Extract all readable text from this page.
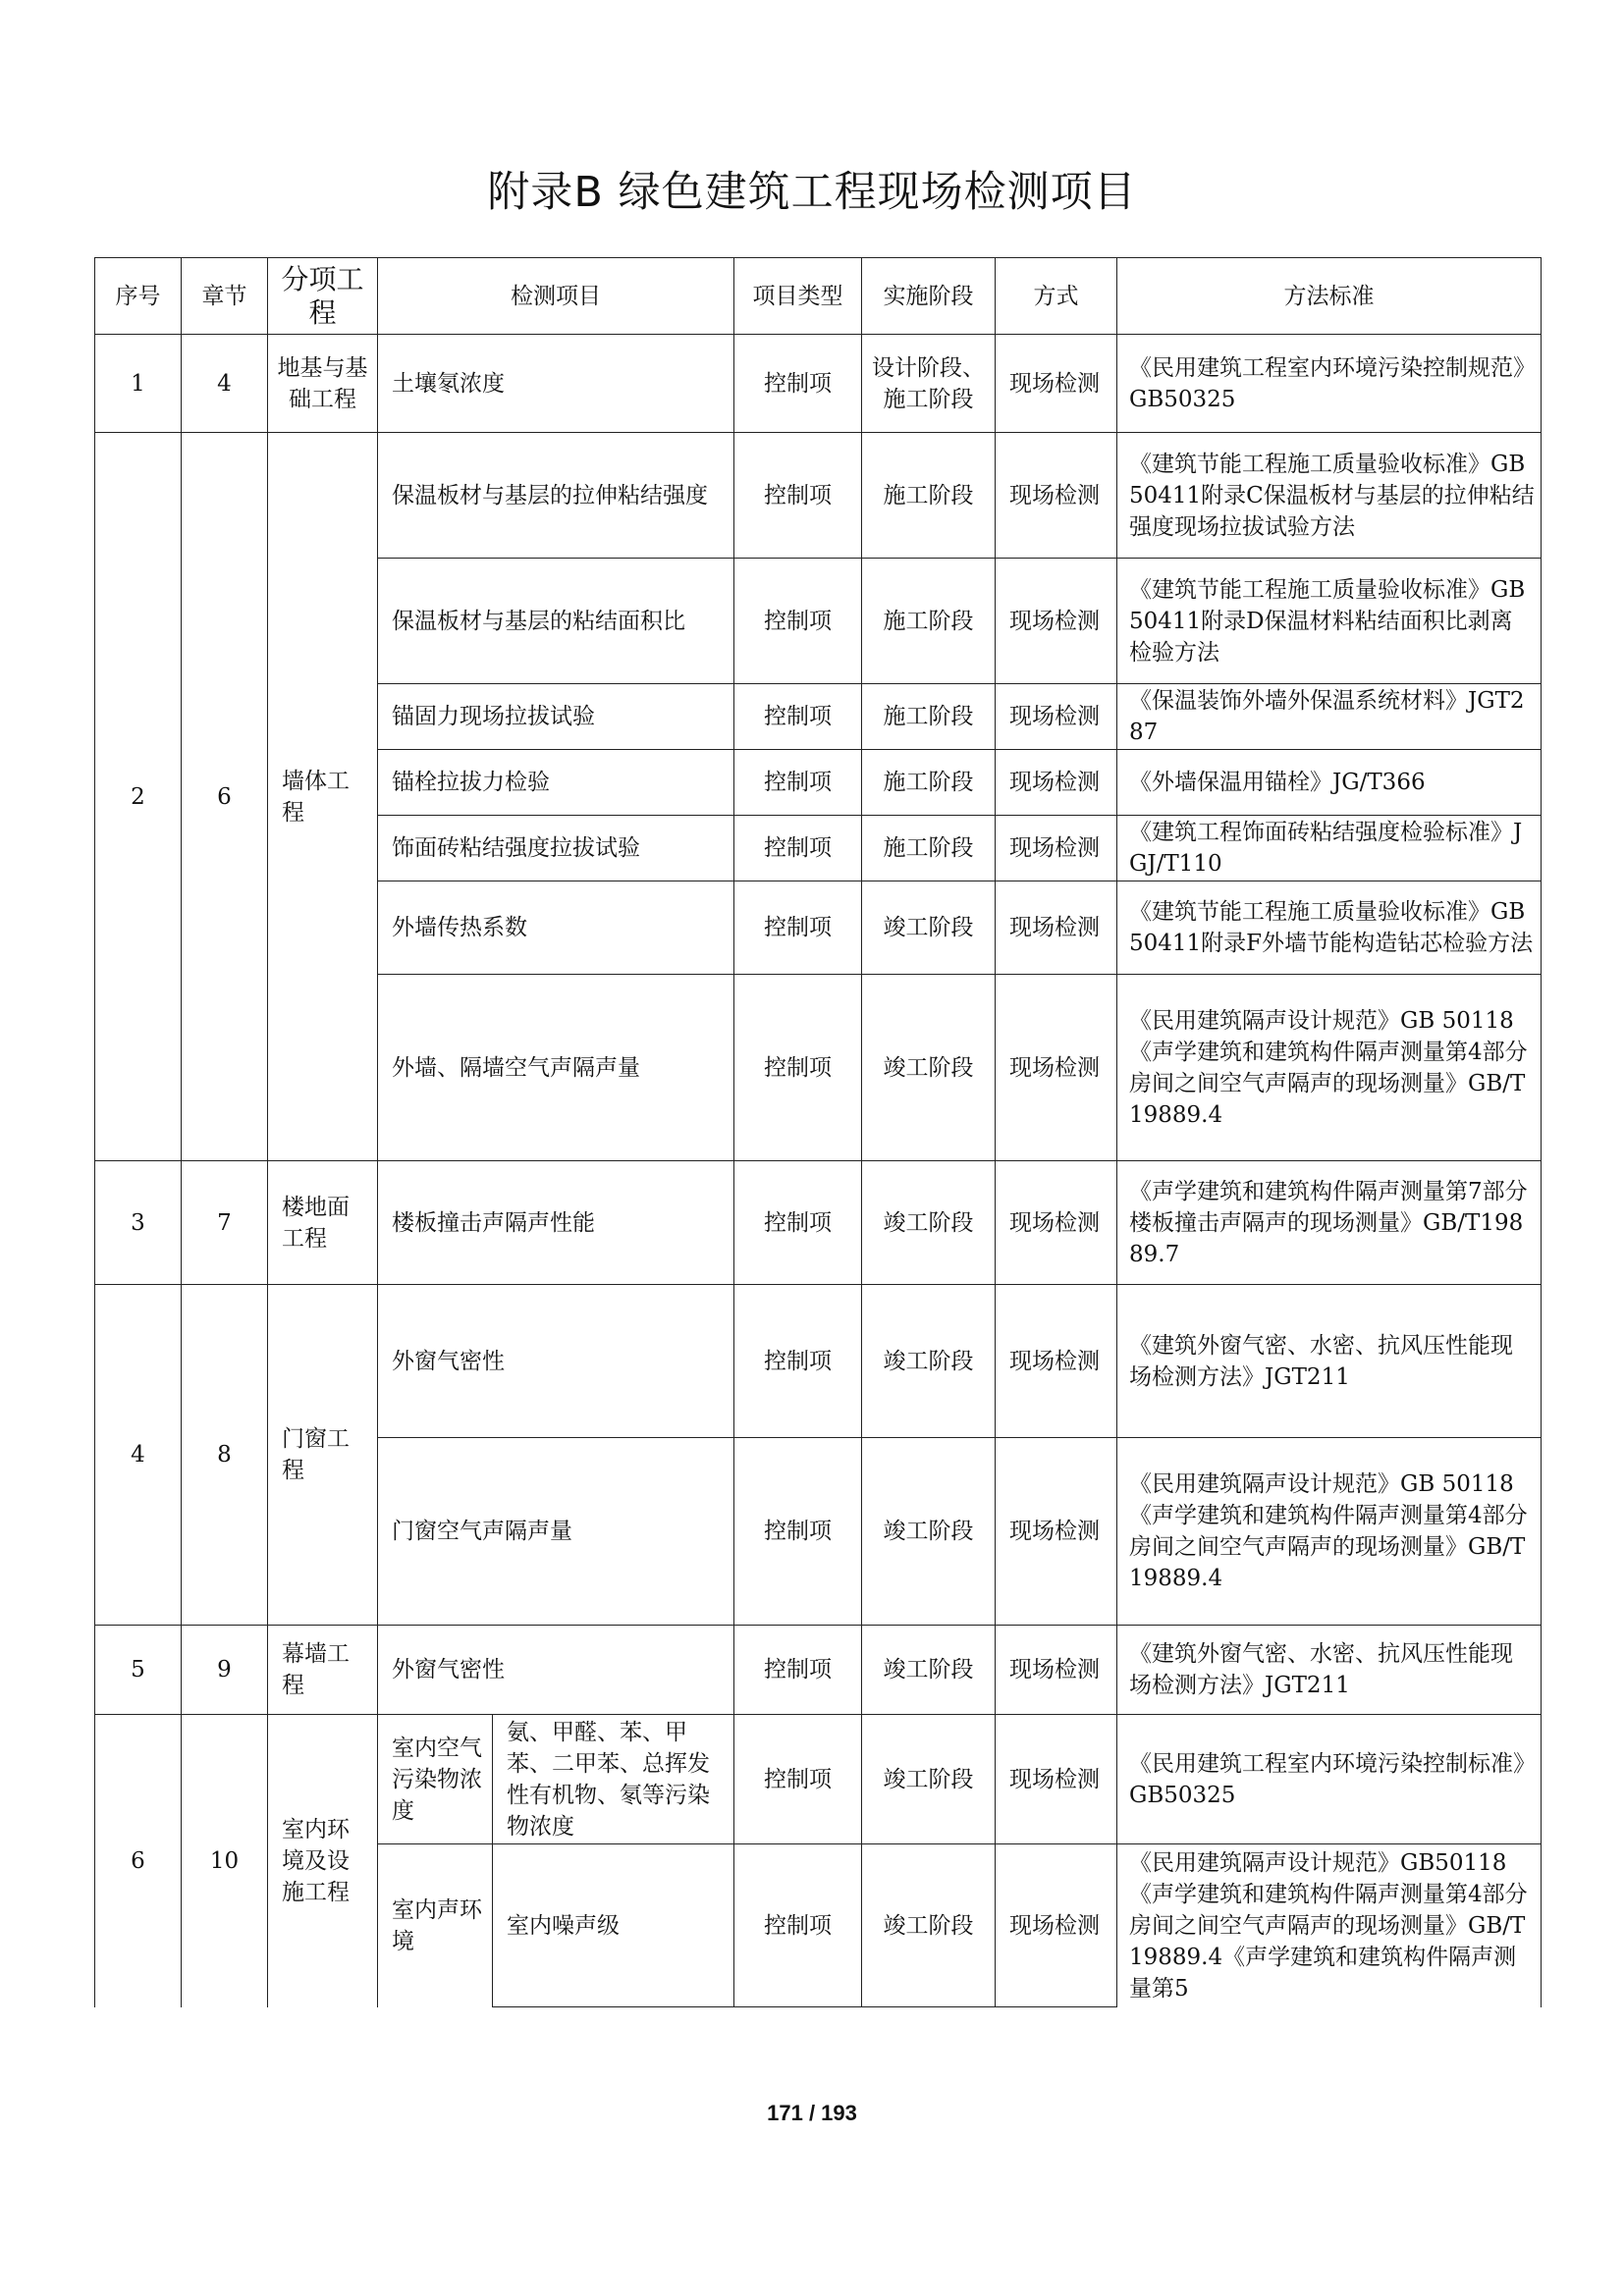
附录B 绿色建筑工程现场检测项目
序号	章节	分项工程	检测项目		项目类型	实施阶段	方式	方法标准
1	4	地基与基础工程	土壤氡浓度		控制项	设计阶段、施工阶段	现场检测	《民用建筑工程室内环境污染控制规范》GB50325
2	6	墙体工程	保温板材与基层的拉伸粘结强度		控制项	施工阶段	现场检测	《建筑节能工程施工质量验收标准》GB50411附录C保温板材与基层的拉伸粘结强度现场拉拔试验方法
			保温板材与基层的粘结面积比		控制项	施工阶段	现场检测	《建筑节能工程施工质量验收标准》GB50411附录D保温材料粘结面积比剥离检验方法
			锚固力现场拉拔试验		控制项	施工阶段	现场检测	《保温装饰外墙外保温系统材料》JGT287
			锚栓拉拔力检验		控制项	施工阶段	现场检测	《外墙保温用锚栓》JG/T366
			饰面砖粘结强度拉拔试验		控制项	施工阶段	现场检测	《建筑工程饰面砖粘结强度检验标准》JGJ/T110
			外墙传热系数		控制项	竣工阶段	现场检测	《建筑节能工程施工质量验收标准》GB50411附录F外墙节能构造钻芯检验方法
			外墙、隔墙空气声隔声量		控制项	竣工阶段	现场检测	《民用建筑隔声设计规范》GB 50118《声学建筑和建筑构件隔声测量第4部分房间之间空气声隔声的现场测量》GB/T 19889.4
3	7	楼地面工程	楼板撞击声隔声性能		控制项	竣工阶段	现场检测	《声学建筑和建筑构件隔声测量第7部分楼板撞击声隔声的现场测量》GB/T19889.7
4	8	门窗工程	外窗气密性		控制项	竣工阶段	现场检测	《建筑外窗气密、水密、抗风压性能现场检测方法》JGT211
			门窗空气声隔声量		控制项	竣工阶段	现场检测	《民用建筑隔声设计规范》GB 50118《声学建筑和建筑构件隔声测量第4部分房间之间空气声隔声的现场测量》GB/T 19889.4
5	9	幕墙工程	外窗气密性		控制项	竣工阶段	现场检测	《建筑外窗气密、水密、抗风压性能现场检测方法》JGT211
6	10	室内环境及设施工程	室内空气污染物浓度	氨、甲醛、苯、甲苯、二甲苯、总挥发性有机物、氡等污染物浓度	控制项	竣工阶段	现场检测	《民用建筑工程室内环境污染控制标准》GB50325
			室内声环境	室内噪声级	控制项	竣工阶段	现场检测	《民用建筑隔声设计规范》GB50118《声学建筑和建筑构件隔声测量第4部分房间之间空气声隔声的现场测量》GB/T19889.4《声学建筑和建筑构件隔声测量第5
171 / 193
